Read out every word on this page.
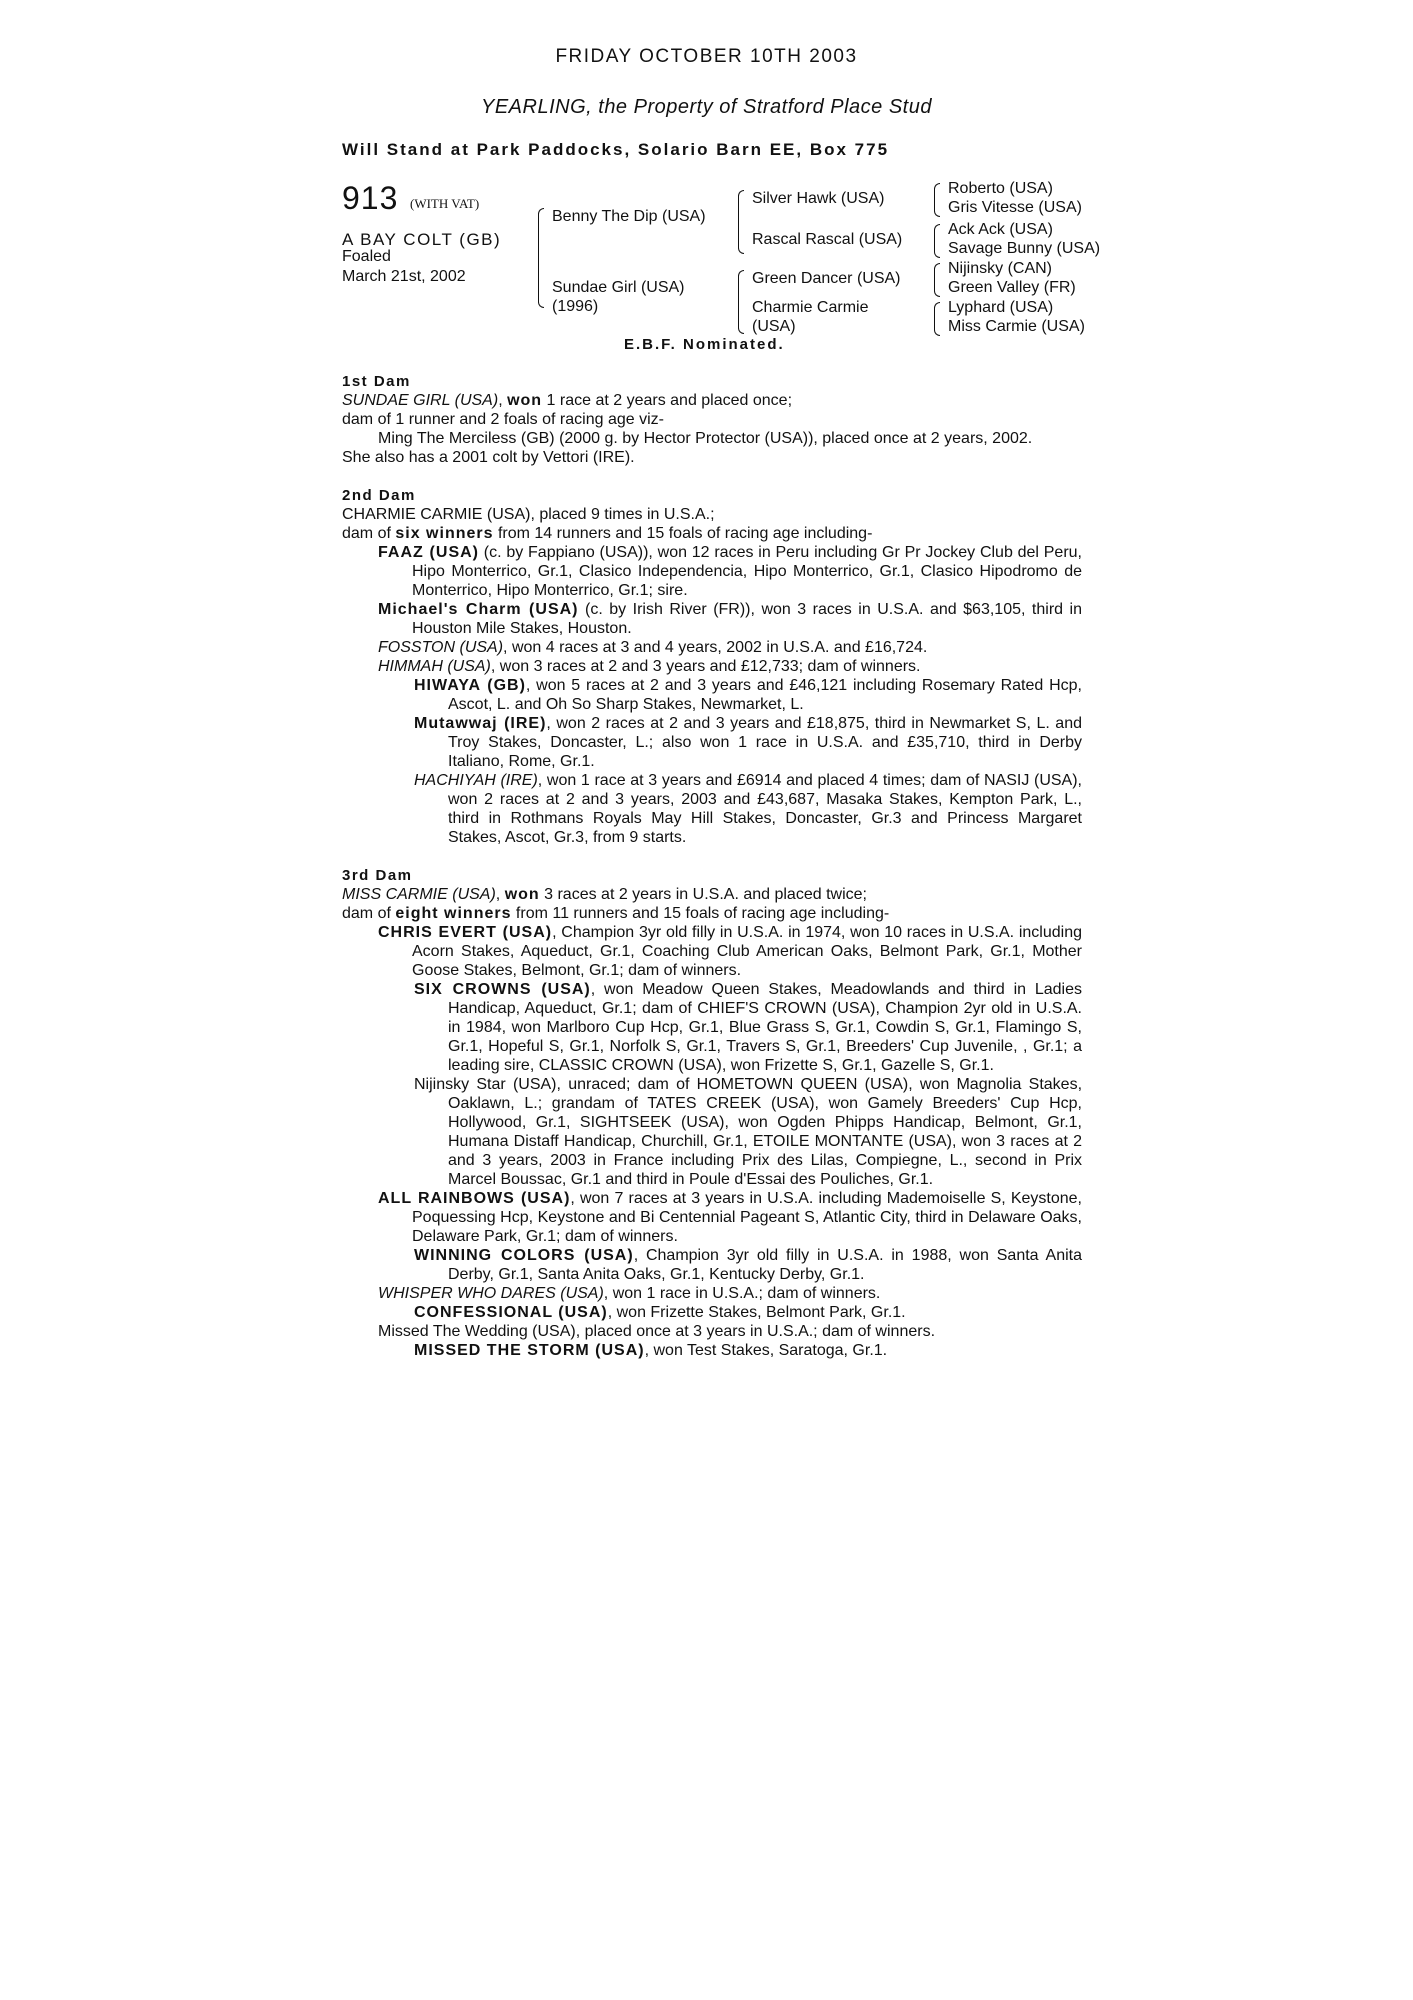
FRIDAY OCTOBER 10TH 2003
YEARLING, the Property of Stratford Place Stud
Will Stand at Park Paddocks, Solario Barn EE, Box 775
913 (WITH VAT)
A BAY COLT (GB)
Foaled
March 21st, 2002
Benny The Dip (USA)
Sundae Girl (USA)
(1996)
Silver Hawk (USA)
Rascal Rascal (USA)
Green Dancer (USA)
Charmie Carmie
(USA)
Roberto (USA)
Gris Vitesse (USA)
Ack Ack (USA)
Savage Bunny (USA)
Nijinsky (CAN)
Green Valley (FR)
Lyphard (USA)
Miss Carmie (USA)
E.B.F. Nominated.

1st Dam

SUNDAE GIRL (USA), won 1 race at 2 years and placed once;

dam of 1 runner and 2 foals of racing age viz-

Ming The Merciless (GB) (2000 g. by Hector Protector (USA)), placed once at 2 years, 2002.

She also has a 2001 colt by Vettori (IRE).

2nd Dam

CHARMIE CARMIE (USA), placed 9 times in U.S.A.;

dam of six winners from 14 runners and 15 foals of racing age including-

FAAZ (USA) (c. by Fappiano (USA)), won 12 races in Peru including Gr Pr Jockey Club del Peru, Hipo Monterrico, Gr.1, Clasico Independencia, Hipo Monterrico, Gr.1, Clasico Hipodromo de Monterrico, Hipo Monterrico, Gr.1; sire.

Michael's Charm (USA) (c. by Irish River (FR)), won 3 races in U.S.A. and $63,105, third in Houston Mile Stakes, Houston.

FOSSTON (USA), won 4 races at 3 and 4 years, 2002 in U.S.A. and £16,724.

HIMMAH (USA), won 3 races at 2 and 3 years and £12,733; dam of winners.

HIWAYA (GB), won 5 races at 2 and 3 years and £46,121 including Rosemary Rated Hcp, Ascot, L. and Oh So Sharp Stakes, Newmarket, L.

Mutawwaj (IRE), won 2 races at 2 and 3 years and £18,875, third in Newmarket S, L. and Troy Stakes, Doncaster, L.; also won 1 race in U.S.A. and £35,710, third in Derby Italiano, Rome, Gr.1.

HACHIYAH (IRE), won 1 race at 3 years and £6914 and placed 4 times; dam of NASIJ (USA), won 2 races at 2 and 3 years, 2003 and £43,687, Masaka Stakes, Kempton Park, L., third in Rothmans Royals May Hill Stakes, Doncaster, Gr.3 and Princess Margaret Stakes, Ascot, Gr.3, from 9 starts.

3rd Dam

MISS CARMIE (USA), won 3 races at 2 years in U.S.A. and placed twice;

dam of eight winners from 11 runners and 15 foals of racing age including-

CHRIS EVERT (USA), Champion 3yr old filly in U.S.A. in 1974, won 10 races in U.S.A. including Acorn Stakes, Aqueduct, Gr.1, Coaching Club American Oaks, Belmont Park, Gr.1, Mother Goose Stakes, Belmont, Gr.1; dam of winners.

SIX CROWNS (USA), won Meadow Queen Stakes, Meadowlands and third in Ladies Handicap, Aqueduct, Gr.1; dam of CHIEF'S CROWN (USA), Champion 2yr old in U.S.A. in 1984, won Marlboro Cup Hcp, Gr.1, Blue Grass S, Gr.1, Cowdin S, Gr.1, Flamingo S, Gr.1, Hopeful S, Gr.1, Norfolk S, Gr.1, Travers S, Gr.1, Breeders' Cup Juvenile, , Gr.1; a leading sire, CLASSIC CROWN (USA), won Frizette S, Gr.1, Gazelle S, Gr.1.

Nijinsky Star (USA), unraced; dam of HOMETOWN QUEEN (USA), won Magnolia Stakes, Oaklawn, L.; grandam of TATES CREEK (USA), won Gamely Breeders' Cup Hcp, Hollywood, Gr.1, SIGHTSEEK (USA), won Ogden Phipps Handicap, Belmont, Gr.1, Humana Distaff Handicap, Churchill, Gr.1, ETOILE MONTANTE (USA), won 3 races at 2 and 3 years, 2003 in France including Prix des Lilas, Compiegne, L., second in Prix Marcel Boussac, Gr.1 and third in Poule d'Essai des Pouliches, Gr.1.

ALL RAINBOWS (USA), won 7 races at 3 years in U.S.A. including Mademoiselle S, Keystone, Poquessing Hcp, Keystone and Bi Centennial Pageant S, Atlantic City, third in Delaware Oaks, Delaware Park, Gr.1; dam of winners.

WINNING COLORS (USA), Champion 3yr old filly in U.S.A. in 1988, won Santa Anita Derby, Gr.1, Santa Anita Oaks, Gr.1, Kentucky Derby, Gr.1.

WHISPER WHO DARES (USA), won 1 race in U.S.A.; dam of winners.

CONFESSIONAL (USA), won Frizette Stakes, Belmont Park, Gr.1.

Missed The Wedding (USA), placed once at 3 years in U.S.A.; dam of winners.

MISSED THE STORM (USA), won Test Stakes, Saratoga, Gr.1.
